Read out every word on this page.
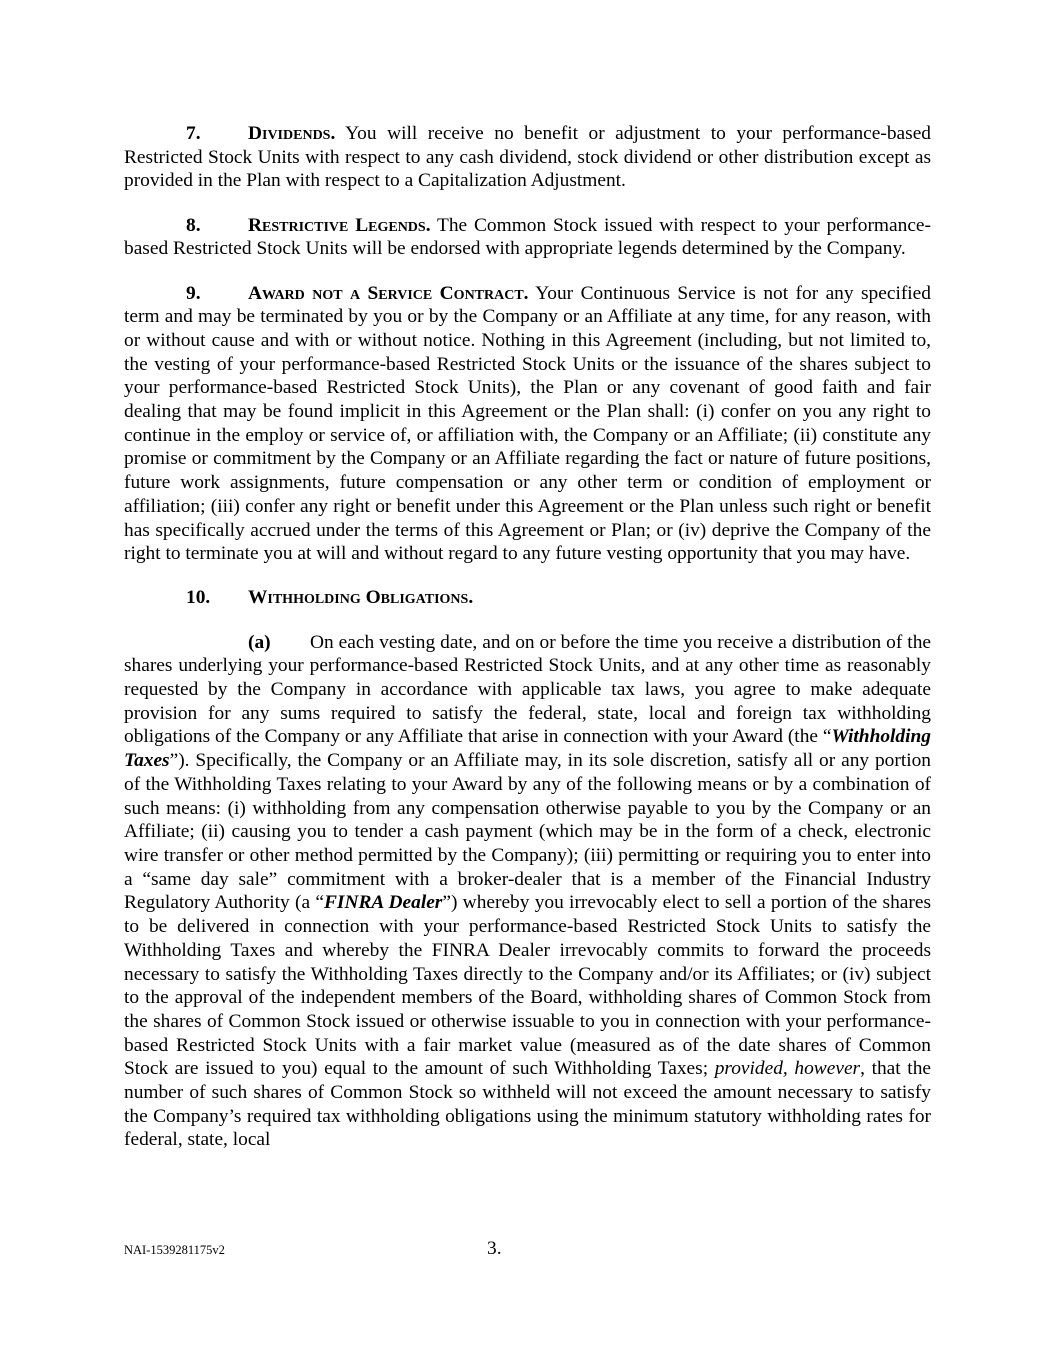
7. Dividends. You will receive no benefit or adjustment to your performance-based Restricted Stock Units with respect to any cash dividend, stock dividend or other distribution except as provided in the Plan with respect to a Capitalization Adjustment.

8. Restrictive Legends. The Common Stock issued with respect to your performance-based Restricted Stock Units will be endorsed with appropriate legends determined by the Company.

9. Award not a Service Contract. Your Continuous Service is not for any specified term and may be terminated by you or by the Company or an Affiliate at any time, for any reason, with or without cause and with or without notice. Nothing in this Agreement (including, but not limited to, the vesting of your performance-based Restricted Stock Units or the issuance of the shares subject to your performance-based Restricted Stock Units), the Plan or any covenant of good faith and fair dealing that may be found implicit in this Agreement or the Plan shall: (i) confer on you any right to continue in the employ or service of, or affiliation with, the Company or an Affiliate; (ii) constitute any promise or commitment by the Company or an Affiliate regarding the fact or nature of future positions, future work assignments, future compensation or any other term or condition of employment or affiliation; (iii) confer any right or benefit under this Agreement or the Plan unless such right or benefit has specifically accrued under the terms of this Agreement or Plan; or (iv) deprive the Company of the right to terminate you at will and without regard to any future vesting opportunity that you may have.

10. Withholding Obligations.

(a) On each vesting date, and on or before the time you receive a distribution of the shares underlying your performance-based Restricted Stock Units, and at any other time as reasonably requested by the Company in accordance with applicable tax laws, you agree to make adequate provision for any sums required to satisfy the federal, state, local and foreign tax withholding obligations of the Company or any Affiliate that arise in connection with your Award (the “Withholding Taxes”). Specifically, the Company or an Affiliate may, in its sole discretion, satisfy all or any portion of the Withholding Taxes relating to your Award by any of the following means or by a combination of such means: (i) withholding from any compensation otherwise payable to you by the Company or an Affiliate; (ii) causing you to tender a cash payment (which may be in the form of a check, electronic wire transfer or other method permitted by the Company); (iii) permitting or requiring you to enter into a “same day sale” commitment with a broker-dealer that is a member of the Financial Industry Regulatory Authority (a “FINRA Dealer”) whereby you irrevocably elect to sell a portion of the shares to be delivered in connection with your performance-based Restricted Stock Units to satisfy the Withholding Taxes and whereby the FINRA Dealer irrevocably commits to forward the proceeds necessary to satisfy the Withholding Taxes directly to the Company and/or its Affiliates; or (iv) subject to the approval of the independent members of the Board, withholding shares of Common Stock from the shares of Common Stock issued or otherwise issuable to you in connection with your performance-based Restricted Stock Units with a fair market value (measured as of the date shares of Common Stock are issued to you) equal to the amount of such Withholding Taxes; provided, however, that the number of such shares of Common Stock so withheld will not exceed the amount necessary to satisfy the Company’s required tax withholding obligations using the minimum statutory withholding rates for federal, state, local

NAI-1539281175v2	3.
